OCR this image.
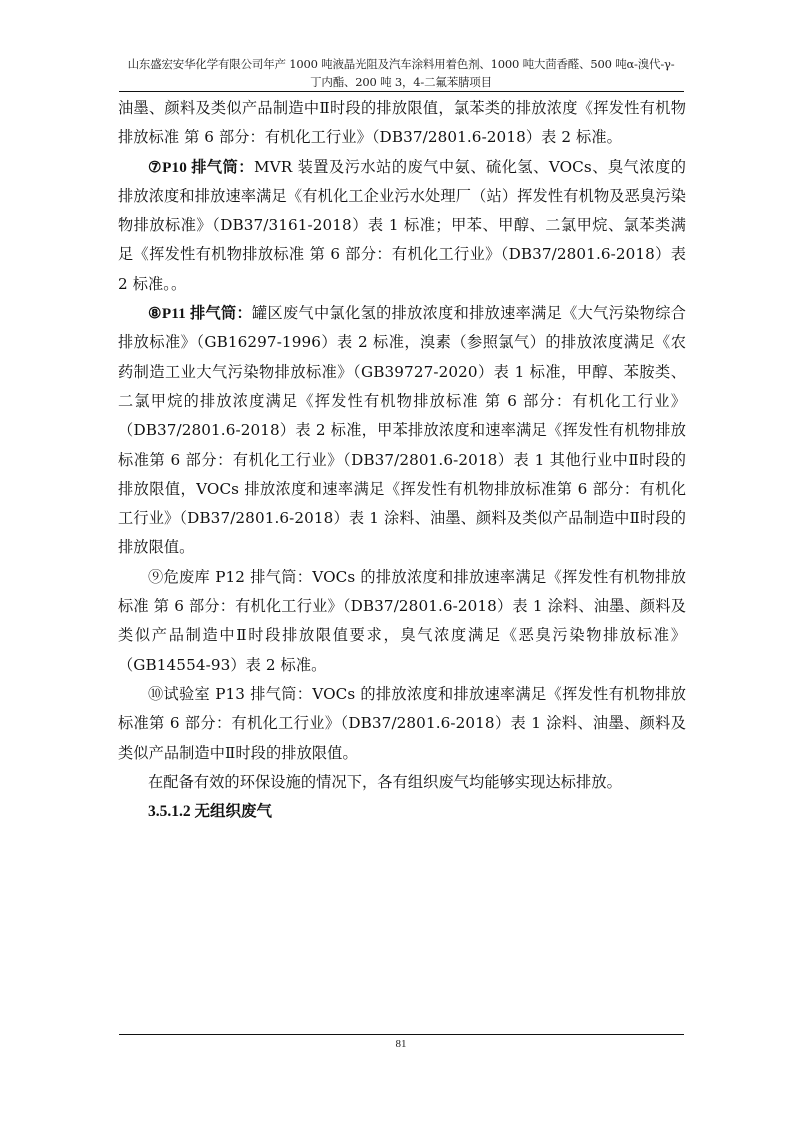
山东盛宏安华化学有限公司年产 1000 吨液晶光阻及汽车涂料用着色剂、1000 吨大茴香醛、500 吨α-溴代-γ-
丁内酯、200 吨 3，4-二氟苯腈项目

油墨、颜料及类似产品制造中Ⅱ时段的排放限值，氯苯类的排放浓度《挥发性有机物排放标准 第 6 部分：有机化工行业》（DB37/2801.6-2018）表 2 标准。

⑦P10 排气筒：MVR 装置及污水站的废气中氨、硫化氢、VOCs、臭气浓度的排放浓度和排放速率满足《有机化工企业污水处理厂（站）挥发性有机物及恶臭污染物排放标准》（DB37/3161-2018）表 1 标准；甲苯、甲醇、二氯甲烷、氯苯类满足《挥发性有机物排放标准 第 6 部分：有机化工行业》（DB37/2801.6-2018）表 2 标准。。

⑧P11 排气筒：罐区废气中氯化氢的排放浓度和排放速率满足《大气污染物综合排放标准》（GB16297-1996）表 2 标准，溴素（参照氯气）的排放浓度满足《农药制造工业大气污染物排放标准》（GB39727-2020）表 1 标准，甲醇、苯胺类、二氯甲烷的排放浓度满足《挥发性有机物排放标准 第 6 部分：有机化工行业》（DB37/2801.6-2018）表 2 标准，甲苯排放浓度和速率满足《挥发性有机物排放标准第 6 部分：有机化工行业》（DB37/2801.6-2018）表 1 其他行业中Ⅱ时段的排放限值，VOCs 排放浓度和速率满足《挥发性有机物排放标准第 6 部分：有机化工行业》（DB37/2801.6-2018）表 1 涂料、油墨、颜料及类似产品制造中Ⅱ时段的排放限值。

⑨危废库 P12 排气筒：VOCs 的排放浓度和排放速率满足《挥发性有机物排放标准 第 6 部分：有机化工行业》（DB37/2801.6-2018）表 1 涂料、油墨、颜料及类似产品制造中Ⅱ时段排放限值要求，臭气浓度满足《恶臭污染物排放标准》（GB14554-93）表 2 标准。

⑩试验室 P13 排气筒：VOCs 的排放浓度和排放速率满足《挥发性有机物排放标准第 6 部分：有机化工行业》（DB37/2801.6-2018）表 1 涂料、油墨、颜料及类似产品制造中Ⅱ时段的排放限值。

在配备有效的环保设施的情况下，各有组织废气均能够实现达标排放。

3.5.1.2 无组织废气
81
